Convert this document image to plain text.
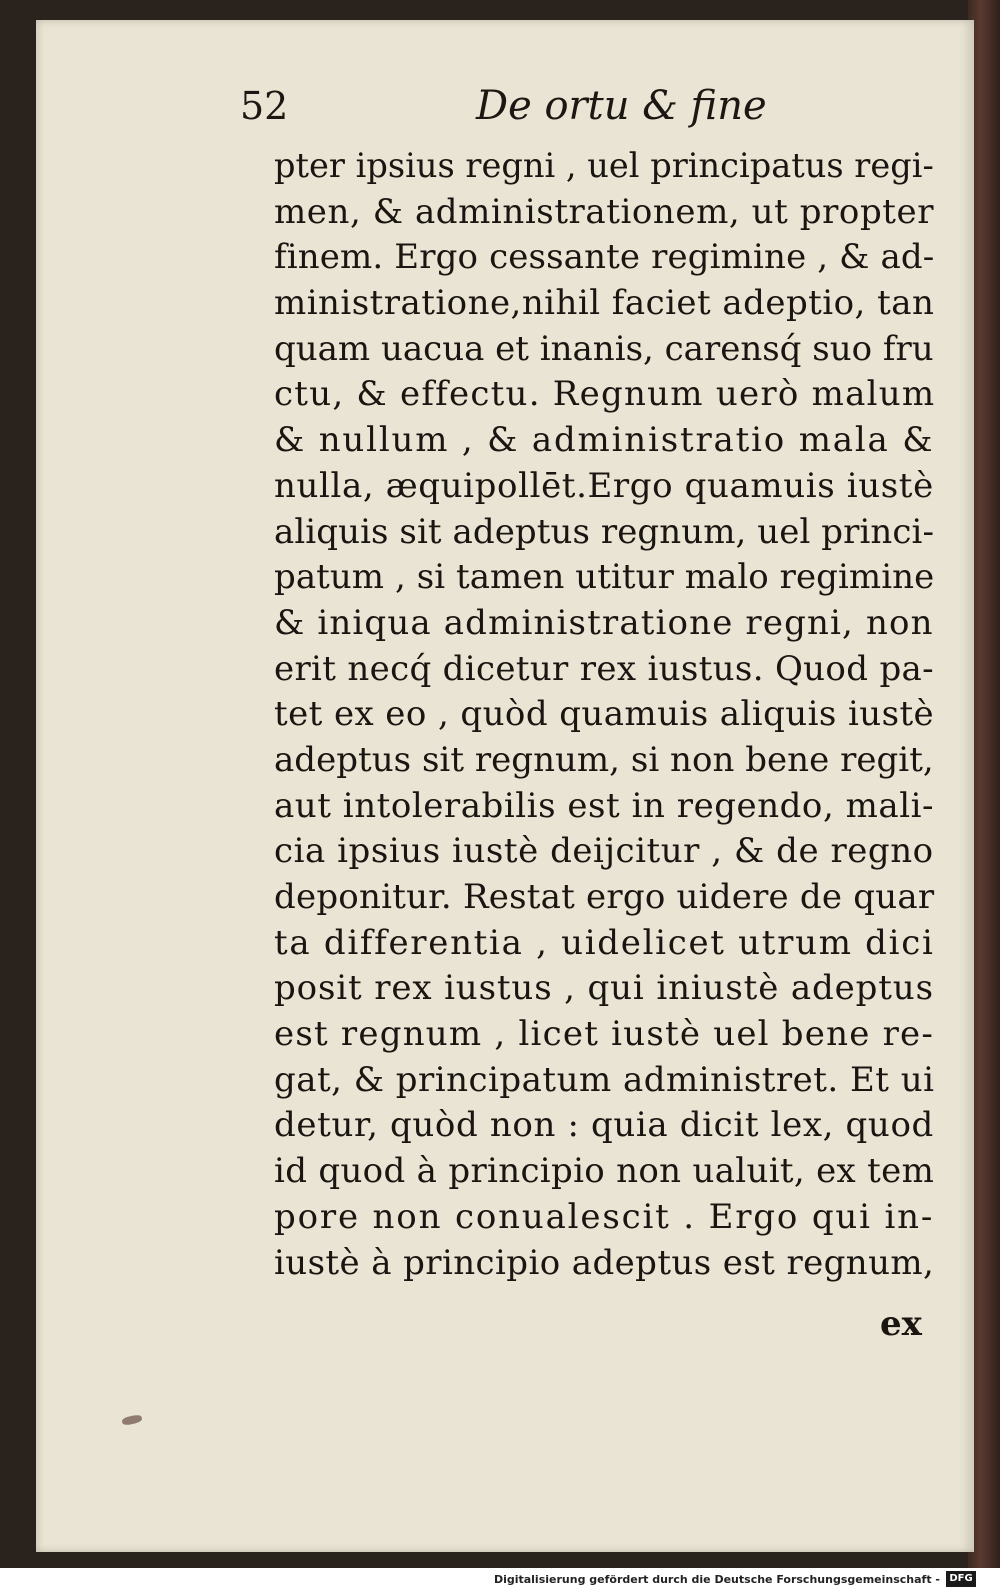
52	De ortu & fine
pter ipsius regni , uel principatus regi-
men, & administrationem, ut propter
finem. Ergo cessante regimine , & ad-
ministratione,nihil faciet adeptio, tan
quam uacua et inanis, carensq́ suo fru
ctu, & effectu. Regnum uerò malum
& nullum , & administratio mala &
nulla, æquipollēt.Ergo quamuis iustè
aliquis sit adeptus regnum, uel princi-
patum , si tamen utitur malo regimine
& iniqua administratione regni, non
erit necq́ dicetur rex iustus. Quod pa-
tet ex eo , quòd quamuis aliquis iustè
adeptus sit regnum, si non bene regit,
aut intolerabilis est in regendo, mali-
cia ipsius iustè deijcitur , & de regno
deponitur. Restat ergo uidere de quar
ta differentia , uidelicet utrum dici
posit rex iustus , qui iniustè adeptus
est regnum , licet iustè uel bene re-
gat, & principatum administret. Et ui
detur, quòd non : quia dicit lex, quod
id quod à principio non ualuit, ex tem
pore non conualescit . Ergo qui in-
iustè à principio adeptus est regnum,
ex
Digitalisierung gefördert durch die Deutsche Forschungsgemeinschaft - DFG
